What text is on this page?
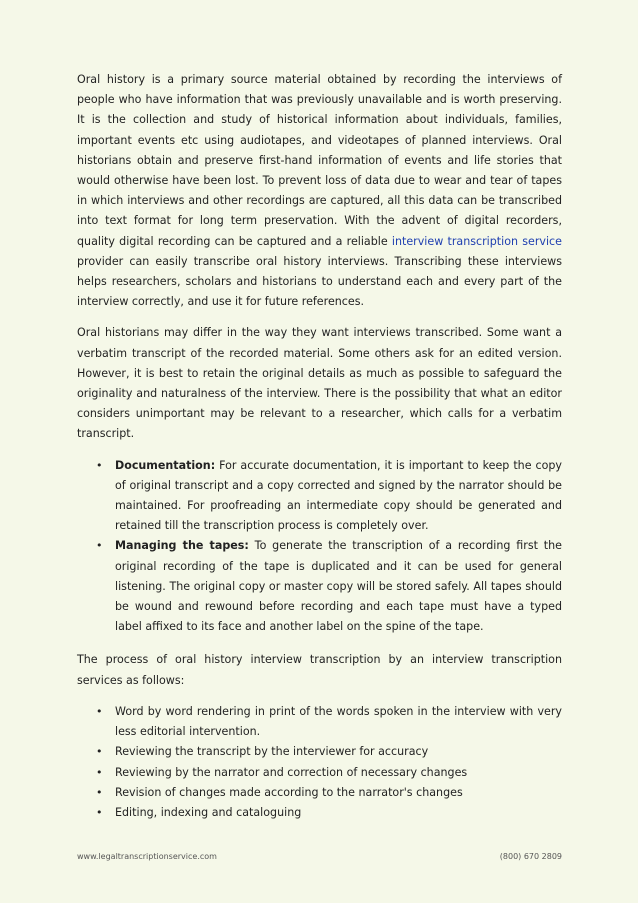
Oral history is a primary source material obtained by recording the interviews of people who have information that was previously unavailable and is worth preserving. It is the collection and study of historical information about individuals, families, important events etc using audiotapes, and videotapes of planned interviews. Oral historians obtain and preserve first-hand information of events and life stories that would otherwise have been lost. To prevent loss of data due to wear and tear of tapes in which interviews and other recordings are captured, all this data can be transcribed into text format for long term preservation. With the advent of digital recorders, quality digital recording can be captured and a reliable interview transcription service provider can easily transcribe oral history interviews. Transcribing these interviews helps researchers, scholars and historians to understand each and every part of the interview correctly, and use it for future references.

Oral historians may differ in the way they want interviews transcribed. Some want a verbatim transcript of the recorded material. Some others ask for an edited version. However, it is best to retain the original details as much as possible to safeguard the originality and naturalness of the interview. There is the possibility that what an editor considers unimportant may be relevant to a researcher, which calls for a verbatim transcript.

• Documentation: For accurate documentation, it is important to keep the copy of original transcript and a copy corrected and signed by the narrator should be maintained. For proofreading an intermediate copy should be generated and retained till the transcription process is completely over.
• Managing the tapes: To generate the transcription of a recording first the original recording of the tape is duplicated and it can be used for general listening. The original copy or master copy will be stored safely. All tapes should be wound and rewound before recording and each tape must have a typed label affixed to its face and another label on the spine of the tape.

The process of oral history interview transcription by an interview transcription services as follows:

• Word by word rendering in print of the words spoken in the interview with very less editorial intervention.
• Reviewing the transcript by the interviewer for accuracy
• Reviewing by the narrator and correction of necessary changes
• Revision of changes made according to the narrator's changes
• Editing, indexing and cataloguing
www.legaltranscriptionservice.com	(800) 670 2809
